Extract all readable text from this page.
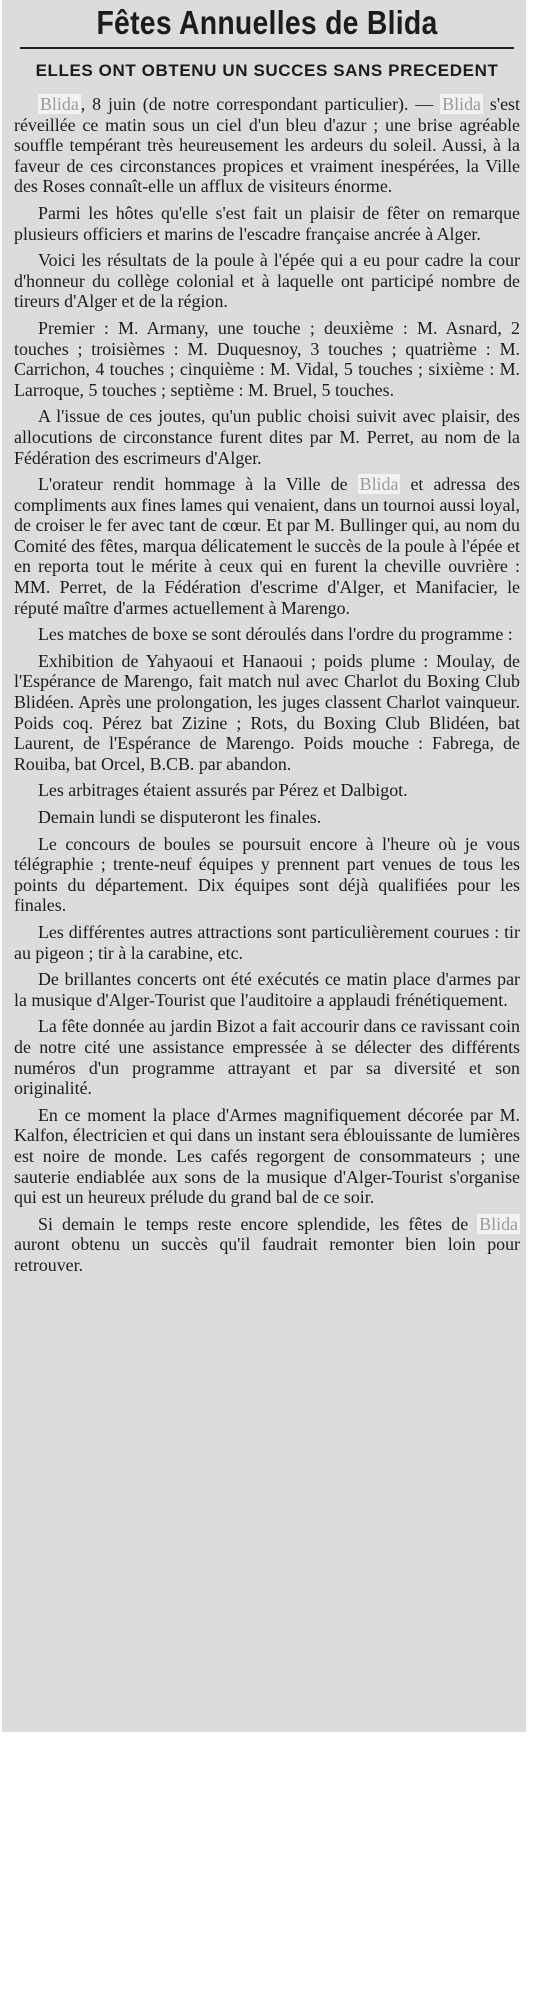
Fêtes Annuelles de Blida
ELLES ONT OBTENU UN SUCCES SANS PRECEDENT

Blida , 8 juin (de notre correspondant particulier). — Blida s'est réveillée ce matin sous un ciel d'un bleu d'azur ; une brise agréable souffle tempérant très heureusement les ardeurs du soleil. Aussi, à la faveur de ces circonstances propices et vraiment inespérées, la Ville des Roses connaît-elle un afflux de visiteurs énorme.

Parmi les hôtes qu'elle s'est fait un plaisir de fêter on remarque plusieurs officiers et marins de l'escadre française ancrée à Alger.

Voici les résultats de la poule à l'épée qui a eu pour cadre la cour d'honneur du collège colonial et à laquelle ont participé nombre de tireurs d'Alger et de la région.

Premier : M. Armany, une touche ; deuxième : M. Asnard, 2 touches ; troisièmes : M. Duquesnoy, 3 touches ; quatrième : M. Carrichon, 4 touches ; cinquième : M. Vidal, 5 touches ; sixième : M. Larroque, 5 touches ; septième : M. Bruel, 5 touches.

A l'issue de ces joutes, qu'un public choisi suivit avec plaisir, des allocutions de circonstance furent dites par M. Perret, au nom de la Fédération des escrimeurs d'Alger.

L'orateur rendit hommage à la Ville de Blida et adressa des compliments aux fines lames qui venaient, dans un tournoi aussi loyal, de croiser le fer avec tant de cœur. Et par M. Bullinger qui, au nom du Comité des fêtes, marqua délicatement le succès de la poule à l'épée et en reporta tout le mérite à ceux qui en furent la cheville ouvrière : MM. Perret, de la Fédération d'escrime d'Alger, et Manifacier, le réputé maître d'armes actuellement à Marengo.

Les matches de boxe se sont déroulés dans l'ordre du programme :

Exhibition de Yahyaoui et Hanaoui ; poids plume : Moulay, de l'Espérance de Marengo, fait match nul avec Charlot du Boxing Club Blidéen. Après une prolongation, les juges classent Charlot vainqueur. Poids coq. Pérez bat Zizine ; Rots, du Boxing Club Blidéen, bat Laurent, de l'Espérance de Marengo. Poids mouche : Fabrega, de Rouiba, bat Orcel, B.CB. par abandon.

Les arbitrages étaient assurés par Pérez et Dalbigot.

Demain lundi se disputeront les finales.

Le concours de boules se poursuit encore à l'heure où je vous télégraphie ; trente-neuf équipes y prennent part venues de tous les points du département. Dix équipes sont déjà qualifiées pour les finales.

Les différentes autres attractions sont particulièrement courues : tir au pigeon ; tir à la carabine, etc.

De brillantes concerts ont été exécutés ce matin place d'armes par la musique d'Alger-Tourist que l'auditoire a applaudi frénétiquement.

La fête donnée au jardin Bizot a fait accourir dans ce ravissant coin de notre cité une assistance empressée à se délecter des différents numéros d'un programme attrayant et par sa diversité et son originalité.

En ce moment la place d'Armes magnifiquement décorée par M. Kalfon, électricien et qui dans un instant sera éblouissante de lumières est noire de monde. Les cafés regorgent de consommateurs ; une sauterie endiablée aux sons de la musique d'Alger-Tourist s'organise qui est un heureux prélude du grand bal de ce soir.

Si demain le temps reste encore splendide, les fêtes de Blida auront obtenu un succès qu'il faudrait remonter bien loin pour retrouver.
